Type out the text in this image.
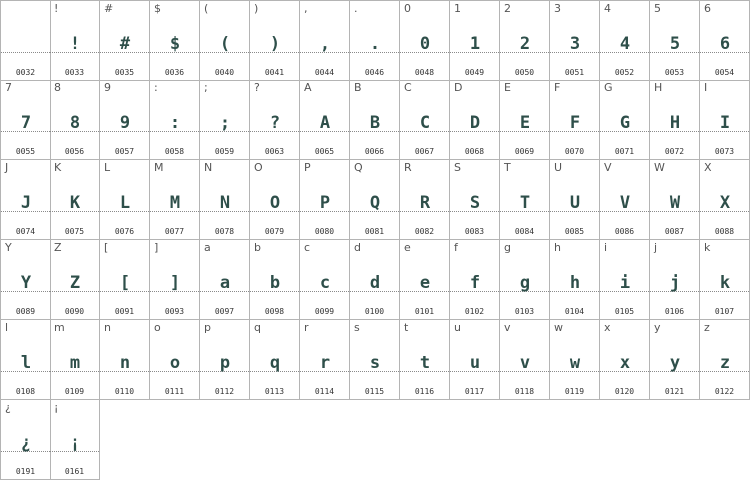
0032
!
!
0033
#
#
0035
$
$
0036
(
(
0040
)
)
0041
,
,
0044
.
.
0046
0
0
0048
1
1
0049
2
2
0050
3
3
0051
4
4
0052
5
5
0053
6
6
0054
7
7
0055
8
8
0056
9
9
0057
:
:
0058
;
;
0059
?
?
0063
A
A
0065
B
B
0066
C
C
0067
D
D
0068
E
E
0069
F
F
0070
G
G
0071
H
H
0072
I
I
0073
J
J
0074
K
K
0075
L
L
0076
M
M
0077
N
N
0078
O
O
0079
P
P
0080
Q
Q
0081
R
R
0082
S
S
0083
T
T
0084
U
U
0085
V
V
0086
W
W
0087
X
X
0088
Y
Y
0089
Z
Z
0090
[
[
0091
]
]
0093
a
a
0097
b
b
0098
c
c
0099
d
d
0100
e
e
0101
f
f
0102
g
g
0103
h
h
0104
i
i
0105
j
j
0106
k
k
0107
l
l
0108
m
m
0109
n
n
0110
o
o
0111
p
p
0112
q
q
0113
r
r
0114
s
s
0115
t
t
0116
u
u
0117
v
v
0118
w
w
0119
x
x
0120
y
y
0121
z
z
0122
¿
¿
0191
¡
¡
0161
